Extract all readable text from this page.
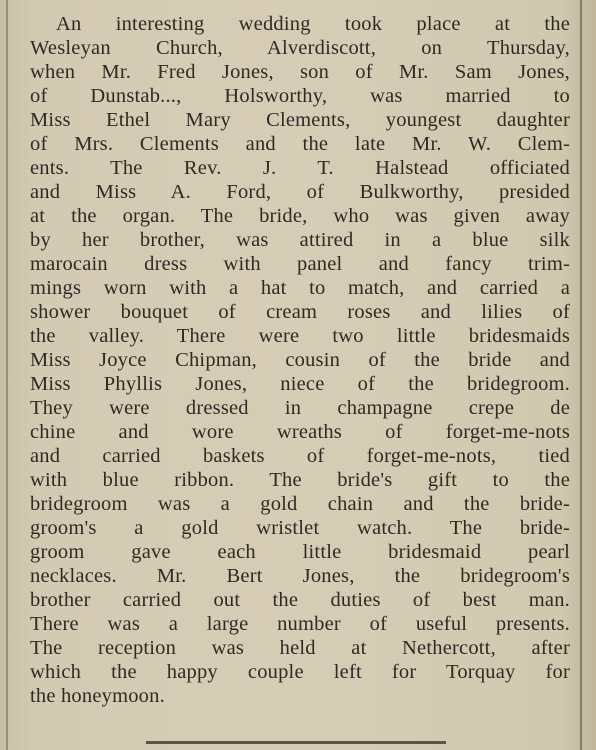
An interesting wedding took place at the
Wesleyan Church, Alverdiscott, on Thursday,
when Mr. Fred Jones, son of Mr. Sam Jones,
of Dunstab..., Holsworthy, was married to
Miss Ethel Mary Clements, youngest daughter
of Mrs. Clements and the late Mr. W. Clem-
ents. The Rev. J. T. Halstead officiated
and Miss A. Ford, of Bulkworthy, presided
at the organ. The bride, who was given away
by her brother, was attired in a blue silk
marocain dress with panel and fancy trim-
mings worn with a hat to match, and carried a
shower bouquet of cream roses and lilies of
the valley. There were two little bridesmaids
Miss Joyce Chipman, cousin of the bride and
Miss Phyllis Jones, niece of the bridegroom.
They were dressed in champagne crepe de
chine and wore wreaths of forget-me-nots
and carried baskets of forget-me-nots, tied
with blue ribbon. The bride's gift to the
bridegroom was a gold chain and the bride-
groom's a gold wristlet watch. The bride-
groom gave each little bridesmaid pearl
necklaces. Mr. Bert Jones, the bridegroom's
brother carried out the duties of best man.
There was a large number of useful presents.
The reception was held at Nethercott, after
which the happy couple left for Torquay for
the honeymoon.
